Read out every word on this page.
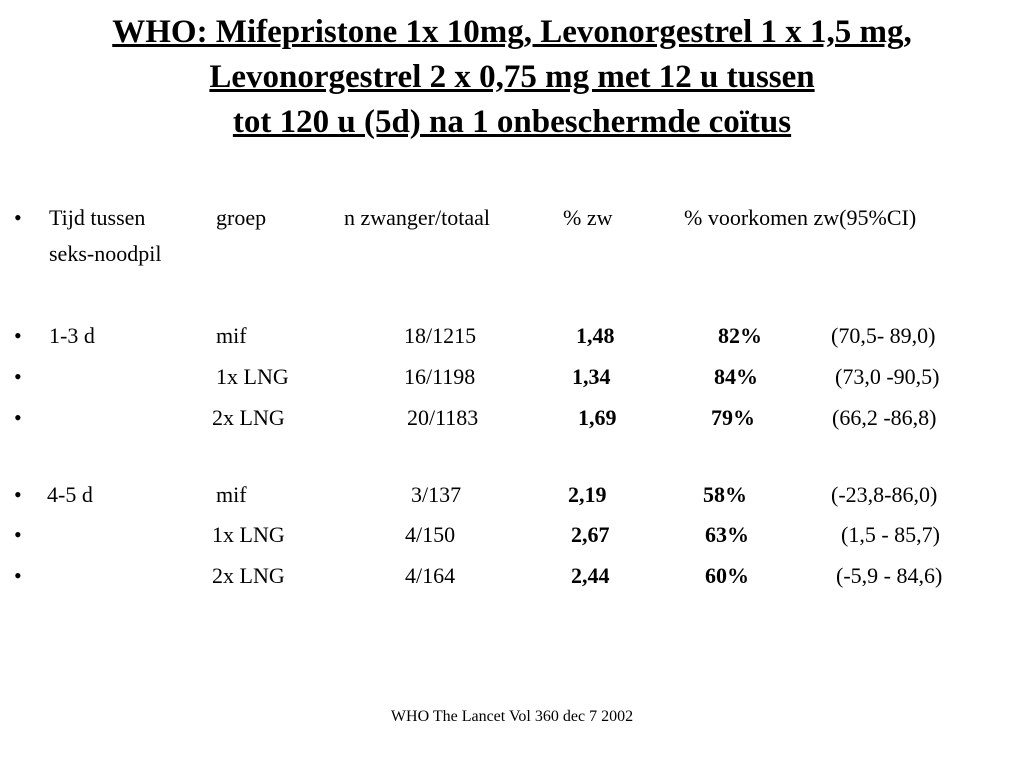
WHO: Mifepristone 1x 10mg, Levonorgestrel 1 x 1,5 mg,
Levonorgestrel 2 x 0,75 mg met 12 u tussen
tot 120 u (5d) na 1 onbeschermde coïtus
• Tijd tussen	groep	n zwanger/totaal	% zw	% voorkomen zw(95%CI)
seks-noodpil
• 1-3 d	mif	18/1215	1,48	82%	(70,5- 89,0)
•	1x LNG	16/1198	1,34	84%	(73,0 -90,5)
•	2x LNG	20/1183	1,69	79%	(66,2 -86,8)
• 4-5 d	mif	3/137	2,19	58%	(-23,8-86,0)
•	1x LNG	4/150	2,67	63%	(1,5 - 85,7)
•	2x LNG	4/164	2,44	60%	(-5,9 - 84,6)
WHO The Lancet Vol 360 dec 7 2002
